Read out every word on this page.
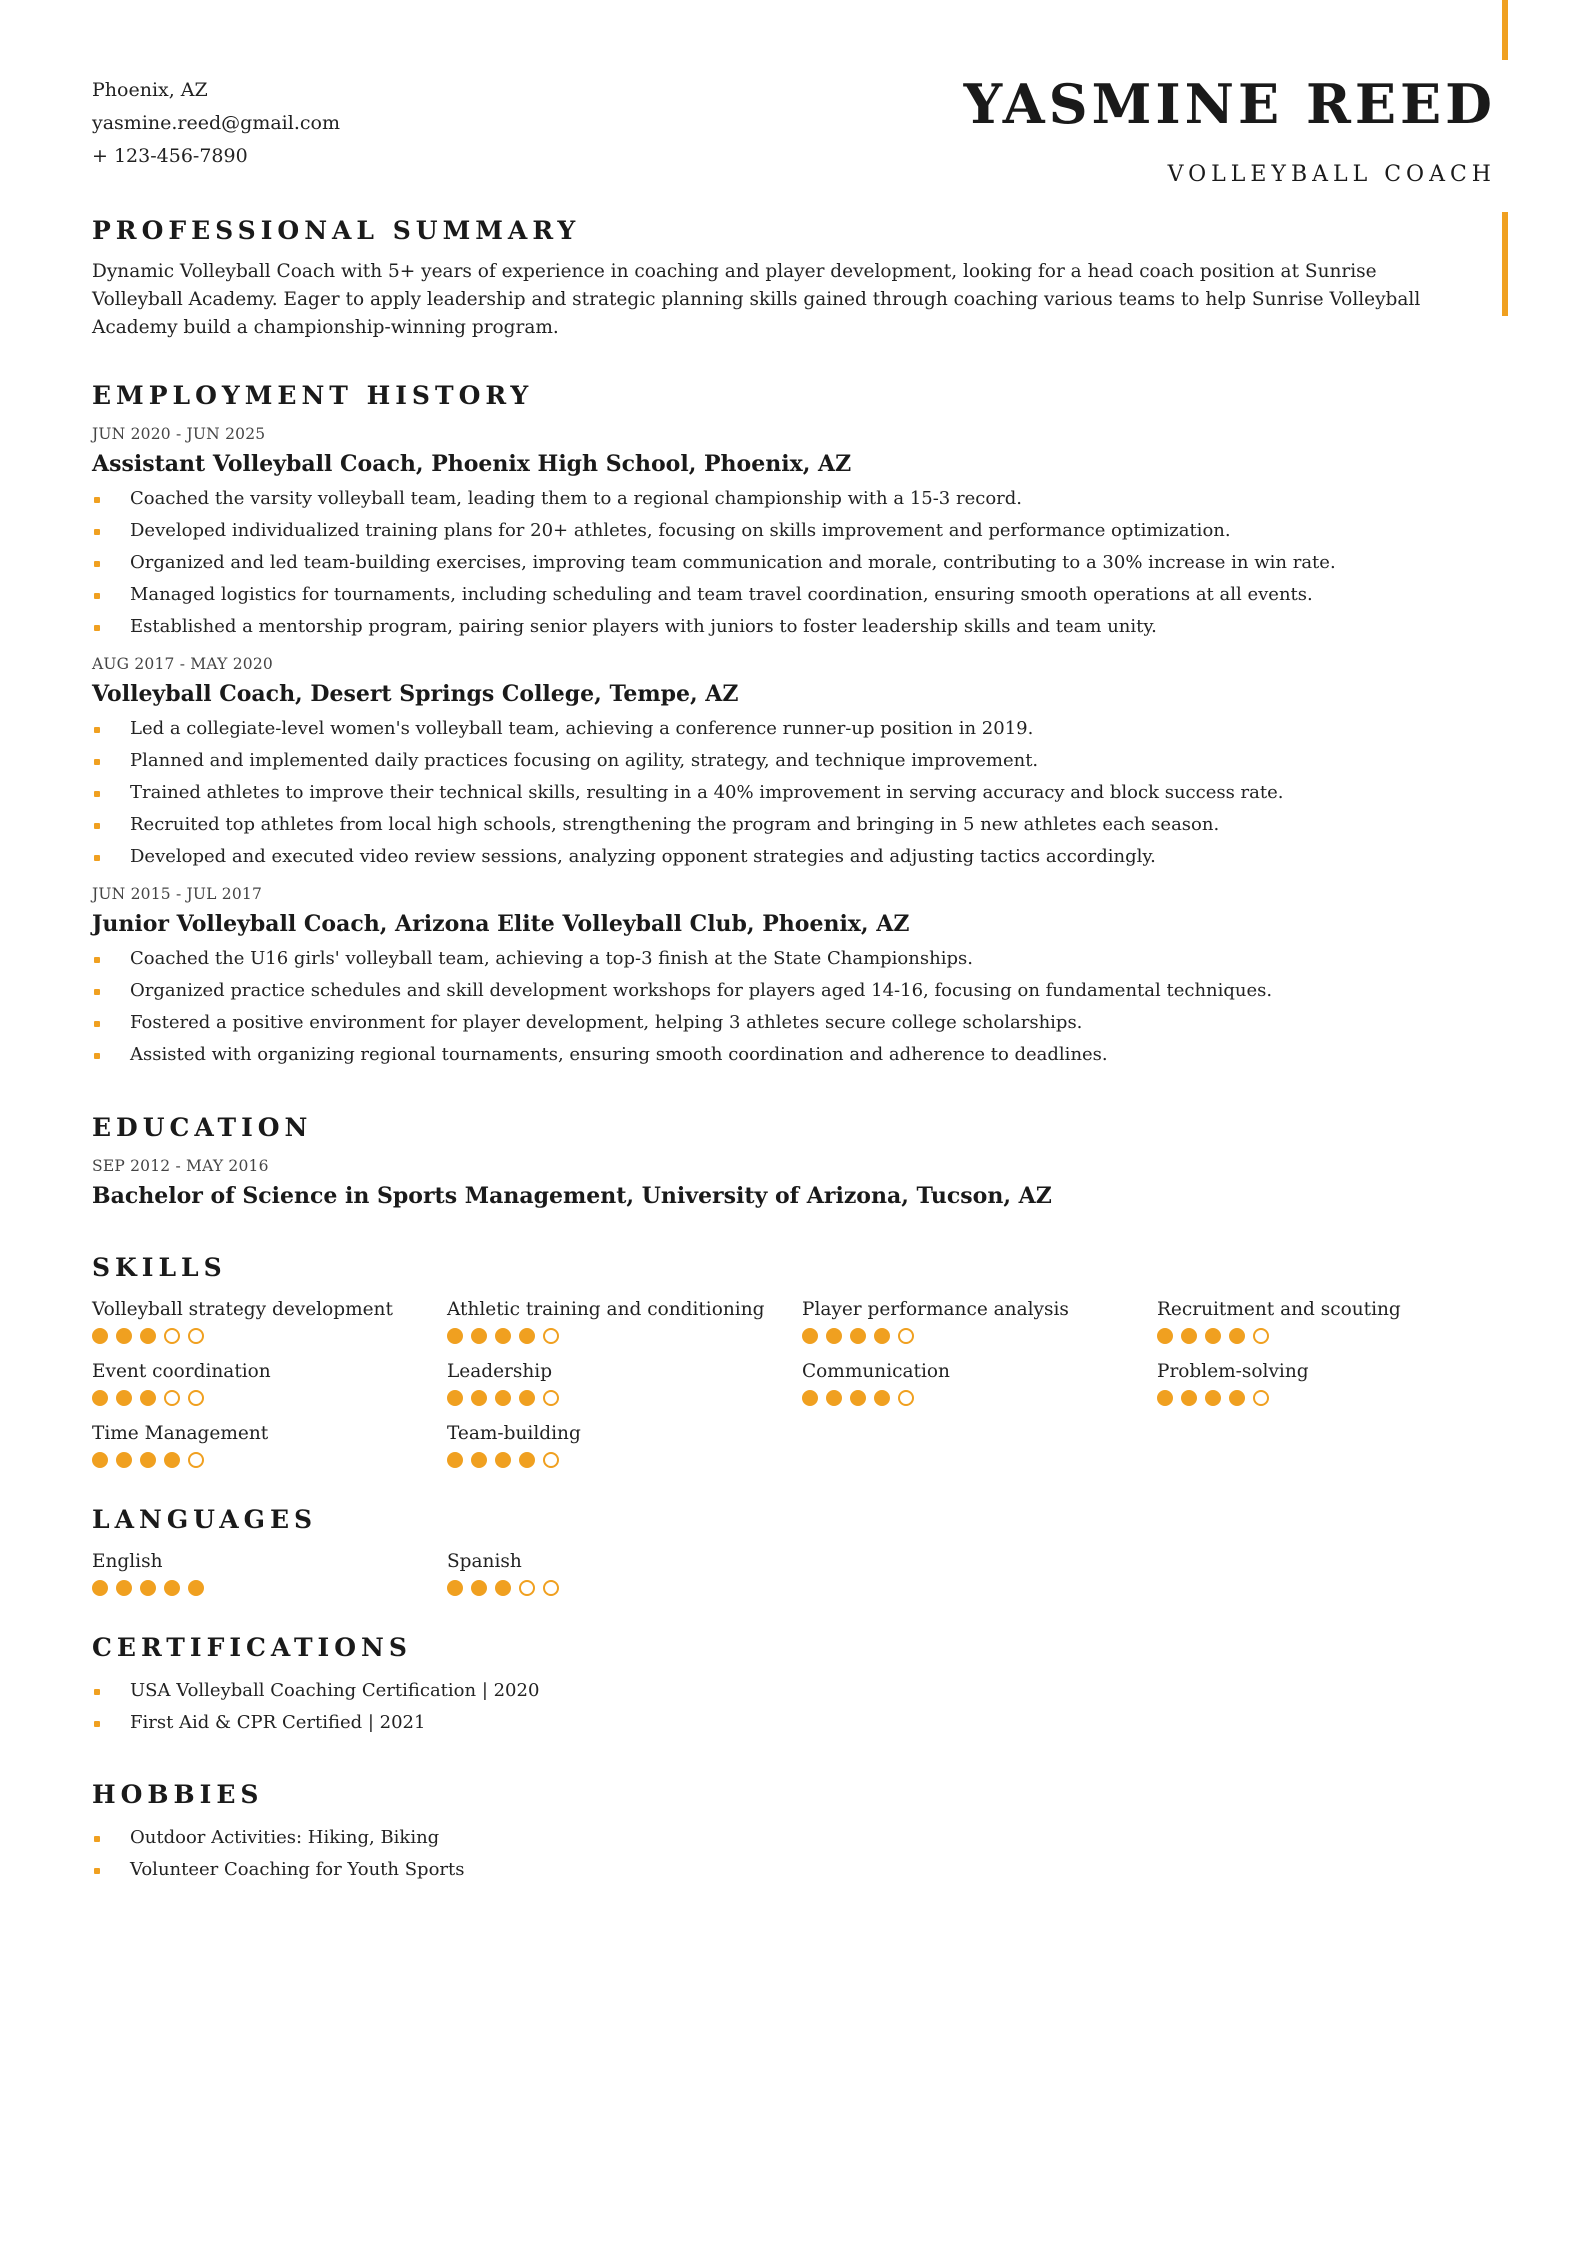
Phoenix, AZ
yasmine.reed@gmail.com
+ 123-456-7890
YASMINE REED
VOLLEYBALL COACH
PROFESSIONAL SUMMARY
Dynamic Volleyball Coach with 5+ years of experience in coaching and player development, looking for a head coach position at Sunrise Volleyball Academy. Eager to apply leadership and strategic planning skills gained through coaching various teams to help Sunrise Volleyball Academy build a championship-winning program.
EMPLOYMENT HISTORY
JUN 2020 - JUN 2025
Assistant Volleyball Coach, Phoenix High School, Phoenix, AZ
Coached the varsity volleyball team, leading them to a regional championship with a 15-3 record.
Developed individualized training plans for 20+ athletes, focusing on skills improvement and performance optimization.
Organized and led team-building exercises, improving team communication and morale, contributing to a 30% increase in win rate.
Managed logistics for tournaments, including scheduling and team travel coordination, ensuring smooth operations at all events.
Established a mentorship program, pairing senior players with juniors to foster leadership skills and team unity.
AUG 2017 - MAY 2020
Volleyball Coach, Desert Springs College, Tempe, AZ
Led a collegiate-level women's volleyball team, achieving a conference runner-up position in 2019.
Planned and implemented daily practices focusing on agility, strategy, and technique improvement.
Trained athletes to improve their technical skills, resulting in a 40% improvement in serving accuracy and block success rate.
Recruited top athletes from local high schools, strengthening the program and bringing in 5 new athletes each season.
Developed and executed video review sessions, analyzing opponent strategies and adjusting tactics accordingly.
JUN 2015 - JUL 2017
Junior Volleyball Coach, Arizona Elite Volleyball Club, Phoenix, AZ
Coached the U16 girls' volleyball team, achieving a top-3 finish at the State Championships.
Organized practice schedules and skill development workshops for players aged 14-16, focusing on fundamental techniques.
Fostered a positive environment for player development, helping 3 athletes secure college scholarships.
Assisted with organizing regional tournaments, ensuring smooth coordination and adherence to deadlines.
EDUCATION
SEP 2012 - MAY 2016
Bachelor of Science in Sports Management, University of Arizona, Tucson, AZ
SKILLS
Volleyball strategy development	Athletic training and conditioning	Player performance analysis	Recruitment and scouting
Event coordination	Leadership	Communication	Problem-solving
Time Management	Team-building
LANGUAGES
English	Spanish
CERTIFICATIONS
USA Volleyball Coaching Certification | 2020
First Aid & CPR Certified | 2021
HOBBIES
Outdoor Activities: Hiking, Biking
Volunteer Coaching for Youth Sports
